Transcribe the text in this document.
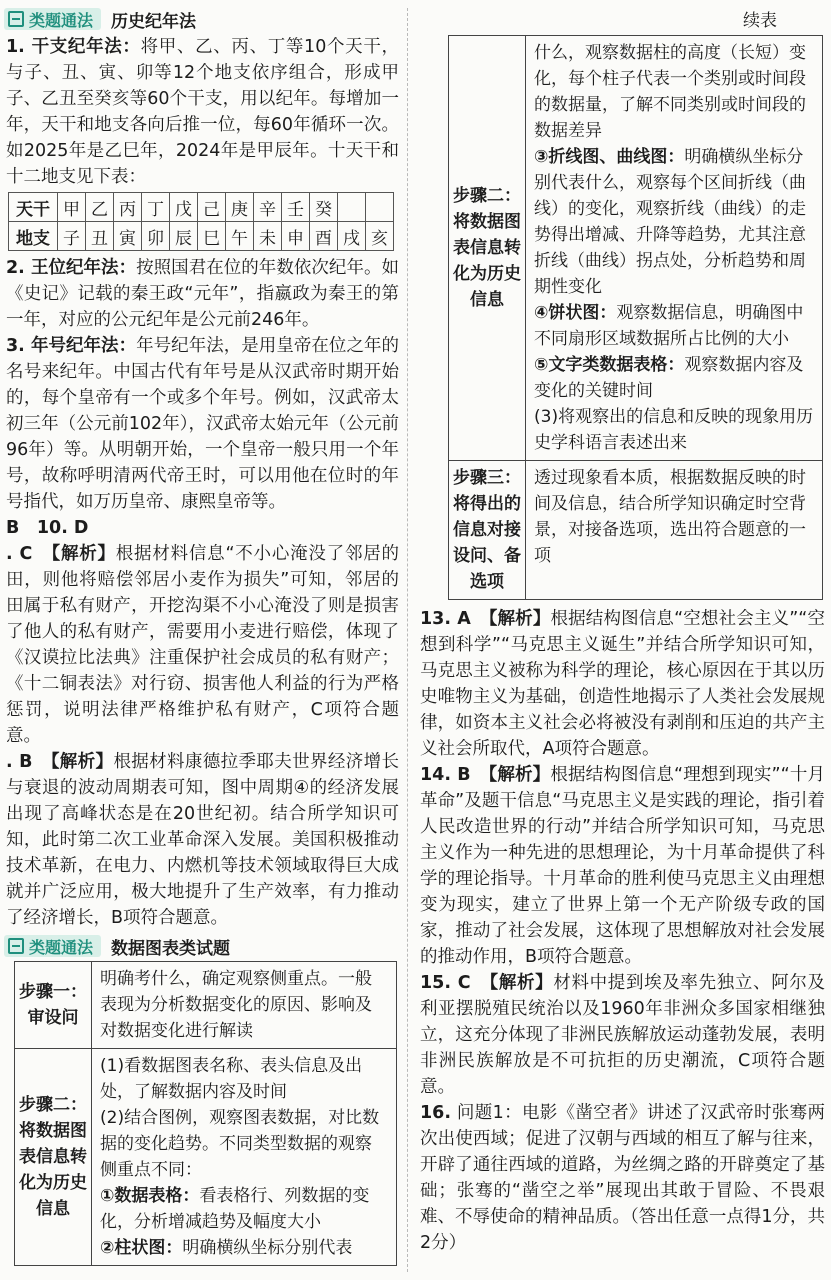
类题通法 历史纪年法

1. 干支纪年法：将甲、乙、丙、丁等10个天干，与子、丑、寅、卯等12个地支依序组合，形成甲子、乙丑至癸亥等60个干支，用以纪年。每增加一年，天干和地支各向后推一位，每60年循环一次。如2025年是乙巳年，2024年是甲辰年。十天干和十二地支见下表：

天干	甲	乙	丙	丁	戊	己	庚	辛	壬	癸		
地支	子	丑	寅	卯	辰	巳	午	未	申	酉	戌	亥

2. 王位纪年法：按照国君在位的年数依次纪年。如《史记》记载的秦王政“元年”，指嬴政为秦王的第一年，对应的公元纪年是公元前246年。

3. 年号纪年法：年号纪年法，是用皇帝在位之年的名号来纪年。中国古代有年号是从汉武帝时期开始的，每个皇帝有一个或多个年号。例如，汉武帝太初三年（公元前102年），汉武帝太始元年（公元前96年）等。从明朝开始，一个皇帝一般只用一个年号，故称呼明清两代帝王时，可以用他在位时的年号指代，如万历皇帝、康熙皇帝等。

B　10. D

. C　【解析】根据材料信息“不小心淹没了邻居的田，则他将赔偿邻居小麦作为损失”可知，邻居的田属于私有财产，开挖沟渠不小心淹没了则是损害了他人的私有财产，需要用小麦进行赔偿，体现了《汉谟拉比法典》注重保护社会成员的私有财产；《十二铜表法》对行窃、损害他人利益的行为严格惩罚，说明法律严格维护私有财产，C项符合题意。

. B　【解析】根据材料康德拉季耶夫世界经济增长与衰退的波动周期表可知，图中周期④的经济发展出现了高峰状态是在20世纪初。结合所学知识可知，此时第二次工业革命深入发展。美国积极推动技术革新，在电力、内燃机等技术领域取得巨大成就并广泛应用，极大地提升了生产效率，有力推动了经济增长，B项符合题意。

类题通法 数据图表类试题
步骤一：审设问	明确考什么，确定观察侧重点。一般表现为分析数据变化的原因、影响及对数据变化进行解读
步骤二：将数据图表信息转化为历史信息	(1)看数据图表名称、表头信息及出处，了解数据内容及时间
(2)结合图例，观察图表数据，对比数据的变化趋势。不同类型数据的观察侧重点不同：
①数据表格：看表格行、列数据的变化，分析增减趋势及幅度大小
②柱状图：明确横纵坐标分别代表
续表
步骤二：将数据图表信息转化为历史信息	什么，观察数据柱的高度（长短）变化，每个柱子代表一个类别或时间段的数据量，了解不同类别或时间段的数据差异
③折线图、曲线图：明确横纵坐标分别代表什么，观察每个区间折线（曲线）的变化，观察折线（曲线）的走势得出增减、升降等趋势，尤其注意折线（曲线）拐点处，分析趋势和周期性变化
④饼状图：观察数据信息，明确图中不同扇形区域数据所占比例的大小
⑤文字类数据表格：观察数据内容及变化的关键时间
(3)将观察出的信息和反映的现象用历史学科语言表述出来

步骤三：将得出的信息对接设问、备选项	透过现象看本质，根据数据反映的时间及信息，结合所学知识确定时空背景，对接备选项，选出符合题意的一项

13. A　【解析】根据结构图信息“空想社会主义”“空想到科学”“马克思主义诞生”并结合所学知识可知，马克思主义被称为科学的理论，核心原因在于其以历史唯物主义为基础，创造性地揭示了人类社会发展规律，如资本主义社会必将被没有剥削和压迫的共产主义社会所取代，A项符合题意。

14. B　【解析】根据结构图信息“理想到现实”“十月革命”及题干信息“马克思主义是实践的理论，指引着人民改造世界的行动”并结合所学知识可知，马克思主义作为一种先进的思想理论，为十月革命提供了科学的理论指导。十月革命的胜利使马克思主义由理想变为现实，建立了世界上第一个无产阶级专政的国家，推动了社会发展，这体现了思想解放对社会发展的推动作用，B项符合题意。

15. C　【解析】材料中提到埃及率先独立、阿尔及利亚摆脱殖民统治以及1960年非洲众多国家相继独立，这充分体现了非洲民族解放运动蓬勃发展，表明非洲民族解放是不可抗拒的历史潮流，C项符合题意。

16. 问题1：电影《凿空者》讲述了汉武帝时张骞两次出使西域；促进了汉朝与西域的相互了解与往来，开辟了通往西域的道路，为丝绸之路的开辟奠定了基础；张骞的“凿空之举”展现出其敢于冒险、不畏艰难、不辱使命的精神品质。（答出任意一点得1分，共2分）
